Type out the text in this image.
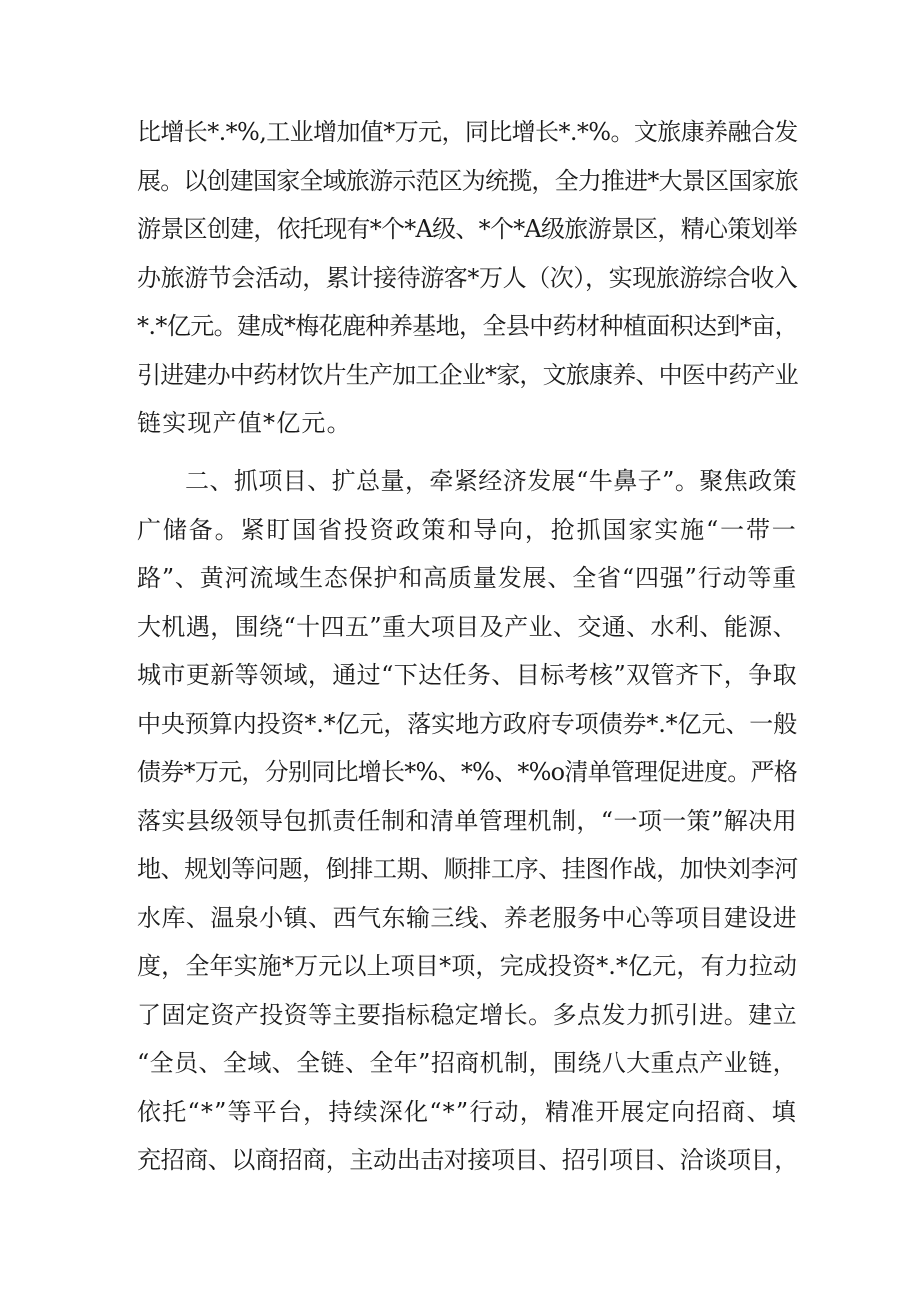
比增长*.*%,工业增加值*万元，同比增长*.*%。文旅康养融合发
展。以创建国家全域旅游示范区为统揽，全力推进*大景区国家旅
游景区创建，依托现有*个*A级、*个*A级旅游景区，精心策划举
办旅游节会活动，累计接待游客*万人（次），实现旅游综合收入
*.*亿元。建成*梅花鹿种养基地，全县中药材种植面积达到*亩，
引进建办中药材饮片生产加工企业*家，文旅康养、中医中药产业
链实现产值*亿元。
二、抓项目、扩总量，牵紧经济发展“牛鼻子”。聚焦政策
广储备。紧盯国省投资政策和导向，抢抓国家实施“一带一
路”、黄河流域生态保护和高质量发展、全省“四强”行动等重
大机遇，围绕“十四五”重大项目及产业、交通、水利、能源、
城市更新等领域，通过“下达任务、目标考核”双管齐下，争取
中央预算内投资*.*亿元，落实地方政府专项债券*.*亿元、一般
债券*万元，分别同比增长*%、*%、*%o清单管理促进度。严格
落实县级领导包抓责任制和清单管理机制，“一项一策”解决用
地、规划等问题，倒排工期、顺排工序、挂图作战，加快刘李河
水库、温泉小镇、西气东输三线、养老服务中心等项目建设进
度，全年实施*万元以上项目*项，完成投资*.*亿元，有力拉动
了固定资产投资等主要指标稳定增长。多点发力抓引进。建立
“全员、全域、全链、全年”招商机制，围绕八大重点产业链，
依托“*”等平台，持续深化“*”行动，精准开展定向招商、填
充招商、以商招商，主动出击对接项目、招引项目、洽谈项目，
